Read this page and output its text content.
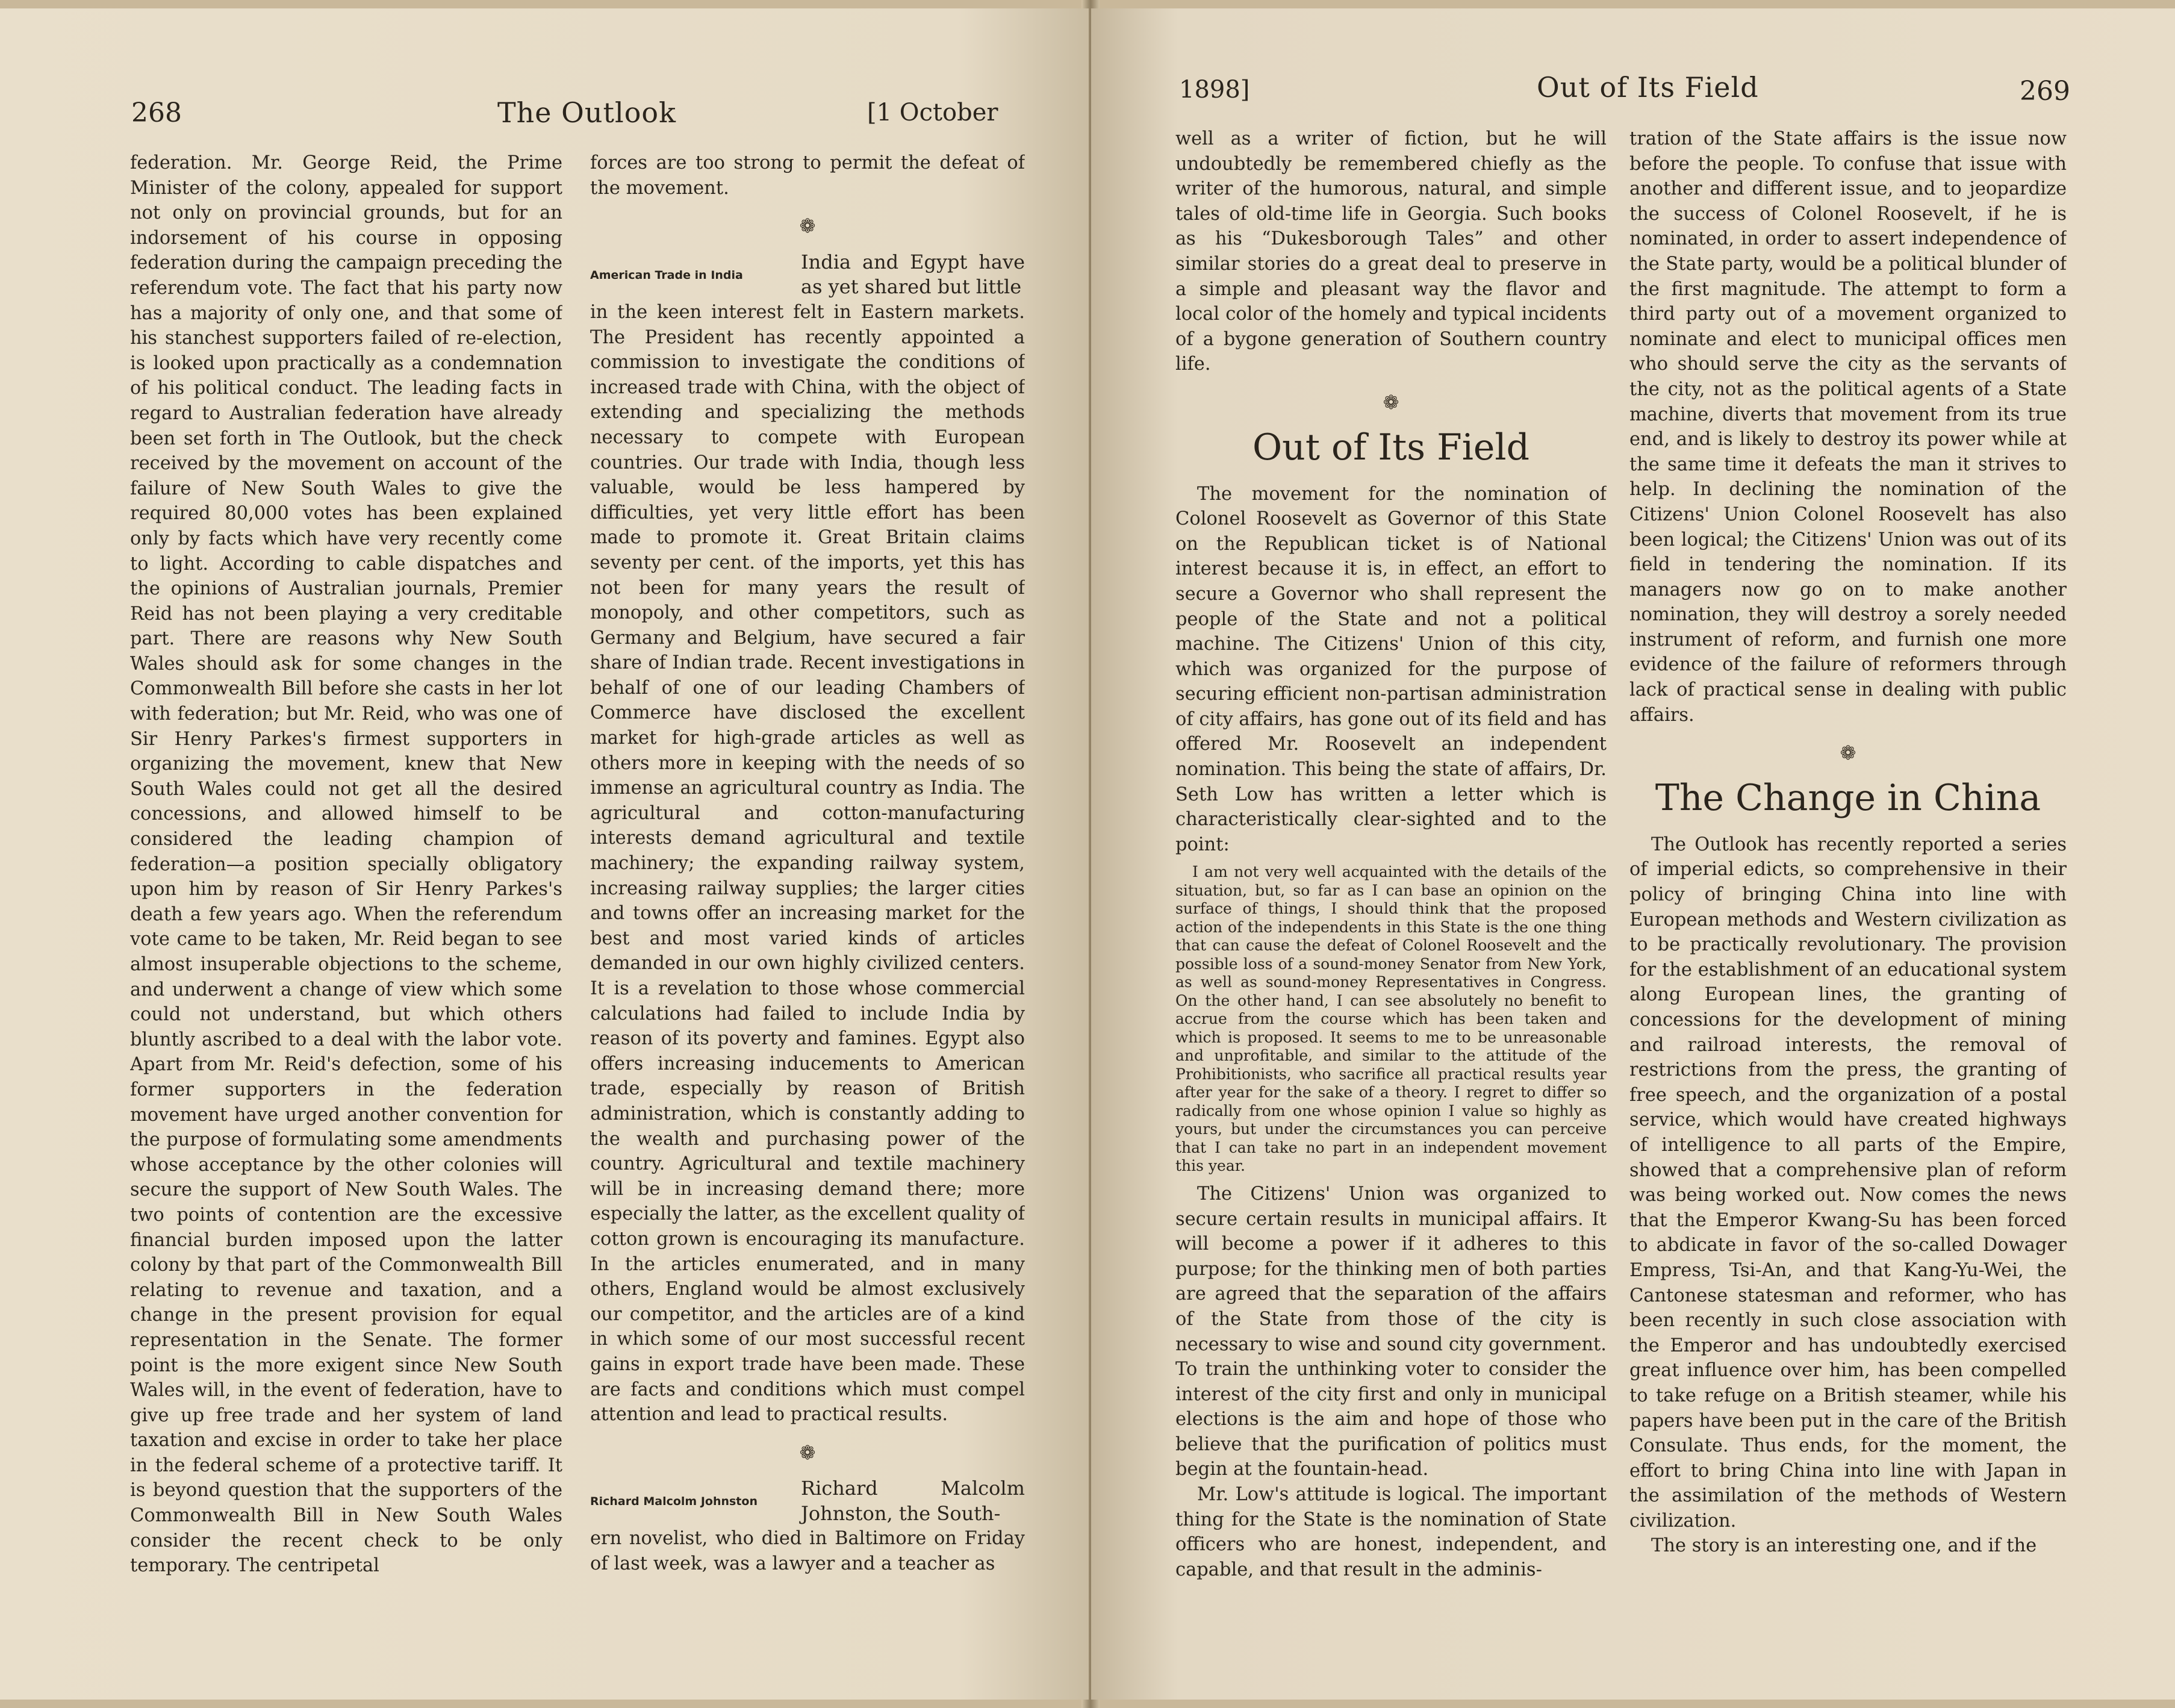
268	The Outlook	[1 October

federation. Mr. George Reid, the Prime Minister of the colony, appealed for support not only on provincial grounds, but for an indorsement of his course in opposing federation during the campaign preceding the referendum vote. The fact that his party now has a majority of only one, and that some of his stanchest supporters failed of re-election, is looked upon practically as a condemnation of his political conduct. The leading facts in regard to Australian federation have already been set forth in The Outlook, but the check received by the movement on account of the failure of New South Wales to give the required 80,000 votes has been explained only by facts which have very recently come to light. According to cable dispatches and the opinions of Australian journals, Premier Reid has not been playing a very creditable part. There are reasons why New South Wales should ask for some changes in the Commonwealth Bill before she casts in her lot with federation; but Mr. Reid, who was one of Sir Henry Parkes's firmest supporters in organizing the movement, knew that New South Wales could not get all the desired concessions, and allowed himself to be considered the leading champion of federation—a position specially obligatory upon him by reason of Sir Henry Parkes's death a few years ago. When the referendum vote came to be taken, Mr. Reid began to see almost insuperable objections to the scheme, and underwent a change of view which some could not understand, but which others bluntly ascribed to a deal with the labor vote. Apart from Mr. Reid's defection, some of his former supporters in the federation movement have urged another convention for the purpose of formulating some amendments whose acceptance by the other colonies will secure the support of New South Wales. The two points of contention are the excessive financial burden imposed upon the latter colony by that part of the Commonwealth Bill relating to revenue and taxation, and a change in the present provision for equal representation in the Senate. The former point is the more exigent since New South Wales will, in the event of federation, have to give up free trade and her system of land taxation and excise in order to take her place in the federal scheme of a protective tariff. It is beyond question that the supporters of the Commonwealth Bill in New South Wales consider the recent check to be only temporary. The centripetal

forces are too strong to permit the defeat of the movement.

❁
American Trade in India
India and Egypt have as yet shared but little

in the keen interest felt in Eastern markets. The President has recently appointed a commission to investigate the conditions of increased trade with China, with the object of extending and specializing the methods necessary to compete with European countries. Our trade with India, though less valuable, would be less hampered by difficulties, yet very little effort has been made to promote it. Great Britain claims seventy per cent. of the imports, yet this has not been for many years the result of monopoly, and other competitors, such as Germany and Belgium, have secured a fair share of Indian trade. Recent investigations in behalf of one of our leading Chambers of Commerce have disclosed the excellent market for high-grade articles as well as others more in keeping with the needs of so immense an agricultural country as India. The agricultural and cotton-manufacturing interests demand agricultural and textile machinery; the expanding railway system, increasing railway supplies; the larger cities and towns offer an increasing market for the best and most varied kinds of articles demanded in our own highly civilized centers. It is a revelation to those whose commercial calculations had failed to include India by reason of its poverty and famines. Egypt also offers increasing inducements to American trade, especially by reason of British administration, which is constantly adding to the wealth and purchasing power of the country. Agricultural and textile machinery will be in increasing demand there; more especially the latter, as the excellent quality of cotton grown is encouraging its manufacture. In the articles enumerated, and in many others, England would be almost exclusively our competitor, and the articles are of a kind in which some of our most successful recent gains in export trade have been made. These are facts and conditions which must compel attention and lead to practical results.

❁
Richard Malcolm Johnston
Richard Malcolm Johnston, the South-

ern novelist, who died in Baltimore on Friday of last week, was a lawyer and a teacher as

1898]	Out of Its Field	269

well as a writer of fiction, but he will undoubtedly be remembered chiefly as the writer of the humorous, natural, and simple tales of old-time life in Georgia. Such books as his “Dukesborough Tales” and other similar stories do a great deal to preserve in a simple and pleasant way the flavor and local color of the homely and typical incidents of a bygone generation of Southern country life.

❁
Out of Its Field

The movement for the nomination of Colonel Roosevelt as Governor of this State on the Republican ticket is of National interest because it is, in effect, an effort to secure a Governor who shall represent the people of the State and not a political machine. The Citizens' Union of this city, which was organized for the purpose of securing efficient non-partisan administration of city affairs, has gone out of its field and has offered Mr. Roosevelt an independent nomination. This being the state of affairs, Dr. Seth Low has written a letter which is characteristically clear-sighted and to the point:

I am not very well acquainted with the details of the situation, but, so far as I can base an opinion on the surface of things, I should think that the proposed action of the independents in this State is the one thing that can cause the defeat of Colonel Roosevelt and the possible loss of a sound-money Senator from New York, as well as sound-money Representatives in Congress. On the other hand, I can see absolutely no benefit to accrue from the course which has been taken and which is proposed. It seems to me to be unreasonable and unprofitable, and similar to the attitude of the Prohibitionists, who sacrifice all practical results year after year for the sake of a theory. I regret to differ so radically from one whose opinion I value so highly as yours, but under the circumstances you can perceive that I can take no part in an independent movement this year.

The Citizens' Union was organized to secure certain results in municipal affairs. It will become a power if it adheres to this purpose; for the thinking men of both parties are agreed that the separation of the affairs of the State from those of the city is necessary to wise and sound city government. To train the unthinking voter to consider the interest of the city first and only in municipal elections is the aim and hope of those who believe that the purification of politics must begin at the fountain-head.

Mr. Low's attitude is logical. The important thing for the State is the nomination of State officers who are honest, independent, and capable, and that result in the adminis-

tration of the State affairs is the issue now before the people. To confuse that issue with another and different issue, and to jeopardize the success of Colonel Roosevelt, if he is nominated, in order to assert independence of the State party, would be a political blunder of the first magnitude. The attempt to form a third party out of a movement organized to nominate and elect to municipal offices men who should serve the city as the servants of the city, not as the political agents of a State machine, diverts that movement from its true end, and is likely to destroy its power while at the same time it defeats the man it strives to help. In declining the nomination of the Citizens' Union Colonel Roosevelt has also been logical; the Citizens' Union was out of its field in tendering the nomination. If its managers now go on to make another nomination, they will destroy a sorely needed instrument of reform, and furnish one more evidence of the failure of reformers through lack of practical sense in dealing with public affairs.

❁
The Change in China

The Outlook has recently reported a series of imperial edicts, so comprehensive in their policy of bringing China into line with European methods and Western civilization as to be practically revolutionary. The provision for the establishment of an educational system along European lines, the granting of concessions for the development of mining and railroad interests, the removal of restrictions from the press, the granting of free speech, and the organization of a postal service, which would have created highways of intelligence to all parts of the Empire, showed that a comprehensive plan of reform was being worked out. Now comes the news that the Emperor Kwang-Su has been forced to abdicate in favor of the so-called Dowager Empress, Tsi-An, and that Kang-Yu-Wei, the Cantonese statesman and reformer, who has been recently in such close association with the Emperor and has undoubtedly exercised great influence over him, has been compelled to take refuge on a British steamer, while his papers have been put in the care of the British Consulate. Thus ends, for the moment, the effort to bring China into line with Japan in the assimilation of the methods of Western civilization.

The story is an interesting one, and if the
